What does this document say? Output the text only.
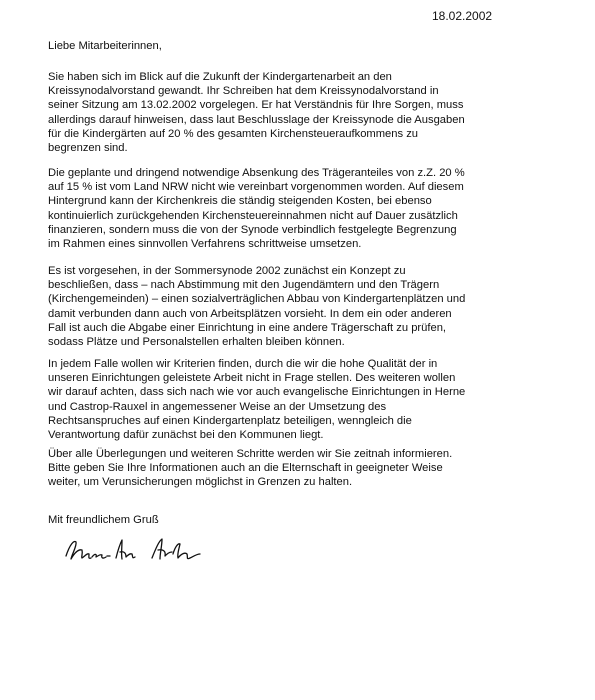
18.02.2002
Liebe Mitarbeiterinnen,

Sie haben sich im Blick auf die Zukunft der Kindergartenarbeit an den
Kreissynodalvorstand gewandt. Ihr Schreiben hat dem Kreissynodalvorstand in
seiner Sitzung am 13.02.2002 vorgelegen. Er hat Verständnis für Ihre Sorgen, muss
allerdings darauf hinweisen, dass laut Beschlusslage der Kreissynode die Ausgaben
für die Kindergärten auf 20 % des gesamten Kirchensteueraufkommens zu
begrenzen sind.

Die geplante und dringend notwendige Absenkung des Trägeranteiles von z.Z. 20 %
auf 15 % ist vom Land NRW nicht wie vereinbart vorgenommen worden. Auf diesem
Hintergrund kann der Kirchenkreis die ständig steigenden Kosten, bei ebenso
kontinuierlich zurückgehenden Kirchensteuereinnahmen nicht auf Dauer zusätzlich
finanzieren, sondern muss die von der Synode verbindlich festgelegte Begrenzung
im Rahmen eines sinnvollen Verfahrens schrittweise umsetzen.

Es ist vorgesehen, in der Sommersynode 2002 zunächst ein Konzept zu
beschließen, dass – nach Abstimmung mit den Jugendämtern und den Trägern
(Kirchengemeinden) – einen sozialverträglichen Abbau von Kindergartenplätzen und
damit verbunden dann auch von Arbeitsplätzen vorsieht. In dem ein oder anderen
Fall ist auch die Abgabe einer Einrichtung in eine andere Trägerschaft zu prüfen,
sodass Plätze und Personalstellen erhalten bleiben können.

In jedem Falle wollen wir Kriterien finden, durch die wir die hohe Qualität der in
unseren Einrichtungen geleistete Arbeit nicht in Frage stellen. Des weiteren wollen
wir darauf achten, dass sich nach wie vor auch evangelische Einrichtungen in Herne
und Castrop-Rauxel in angemessener Weise an der Umsetzung des
Rechtsanspruches auf einen Kindergartenplatz beteiligen, wenngleich die
Verantwortung dafür zunächst bei den Kommunen liegt.

Über alle Überlegungen und weiteren Schritte werden wir Sie zeitnah informieren.
Bitte geben Sie Ihre Informationen auch an die Elternschaft in geeigneter Weise
weiter, um Verunsicherungen möglichst in Grenzen zu halten.

Mit freundlichem Gruß
